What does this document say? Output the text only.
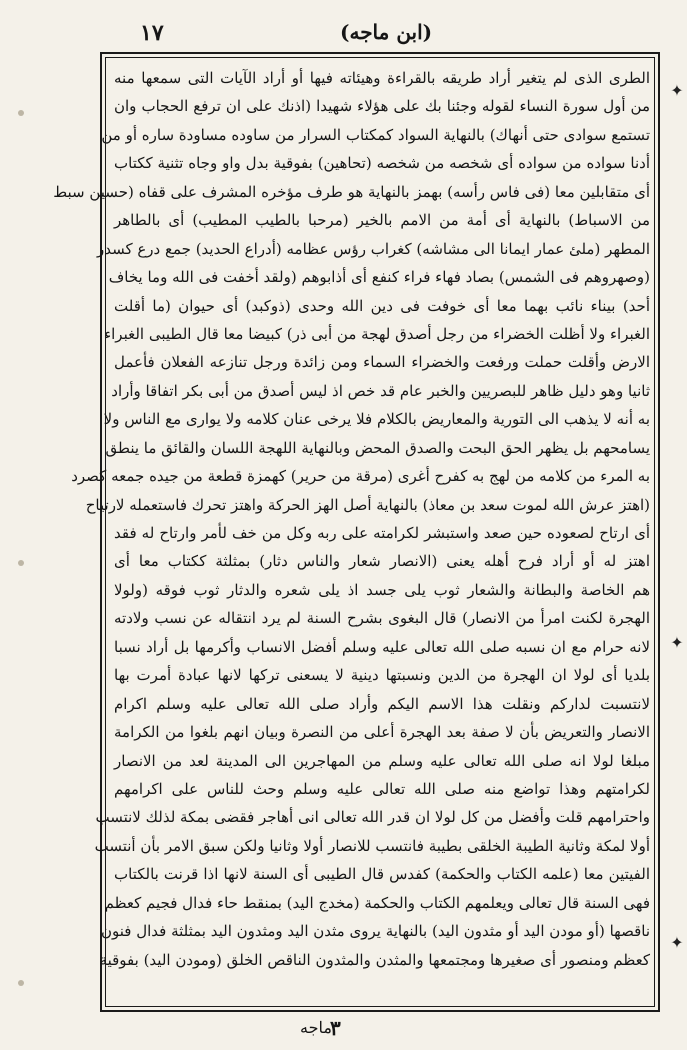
١٧	(ابن ماجه)
الطرى الذى لم يتغير أراد طريقه بالقراءة وهيئاته فيها أو أراد الآيات التى سمعها منه
من أول سورة النساء لقوله وجئنا بك على هؤلاء شهيدا (اذنك على ان ترفع الحجاب وان
تستمع سوادى حتى أنهاك) بالنهاية السواد كمكتاب السرار من ساوده مساودة ساره أو من
أدنا سواده من سواده أى شخصه من شخصه (تحاهين) بفوقية بدل واو وجاه تثنية ككتاب
أى متقابلين معا (فى فاس رأسه) بهمز بالنهاية هو طرف مؤخره المشرف على قفاه (حسين سبط
من الاسباط) بالنهاية أى أمة من الامم بالخير (مرحبا بالطيب المطيب) أى بالطاهر
المطهر (ملئ عمار ايمانا الى مشاشه) كغراب رؤس عظامه (أدراع الحديد) جمع درع كسدر
(وصهروهم فى الشمس) بصاد فهاء فراء كنفع أى أذابوهم (ولقد أخفت فى الله وما يخاف
أحد) بيناء نائب بهما معا أى خوفت فى دين الله وحدى (ذوكبد) أى حيوان (ما أقلت
الغبراء ولا أظلت الخضراء من رجل أصدق لهجة من أبى ذر) كبيضا معا قال الطيبى الغبراء
الارض وأقلت حملت ورفعت والخضراء السماء ومن زائدة ورجل تنازعه الفعلان فأعمل
ثانيا وهو دليل ظاهر للبصريين والخبر عام قد خص اذ ليس أصدق من أبى بكر اتفاقا وأراد
به أنه لا يذهب الى التورية والمعاريض بالكلام فلا يرخى عنان كلامه ولا يوارى مع الناس ولا
يسامحهم بل يظهر الحق البحت والصدق المحض وبالنهاية اللهجة اللسان والقائق ما ينطق
به المرء من كلامه من لهج به كفرح أغرى (مرقة من حرير) كهمزة قطعة من جيده جمعه كصرد
(اهتز عرش الله لموت سعد بن معاذ) بالنهاية أصل الهز الحركة واهتز تحرك فاستعمله لارتياح
أى ارتاح لصعوده حين صعد واستبشر لكرامته على ربه وكل من خف لأمر وارتاح له فقد
اهتز له أو أراد فرح أهله يعنى (الانصار شعار والناس دثار) بمثلثة ككتاب معا أى
هم الخاصة والبطانة والشعار ثوب يلى جسد اذ يلى شعره والدثار ثوب فوقه (ولولا
الهجرة لكنت امرأ من الانصار) قال البغوى بشرح السنة لم يرد انتقاله عن نسب ولادته
لانه حرام مع ان نسبه صلى الله تعالى عليه وسلم أفضل الانساب وأكرمها بل أراد نسبا
بلديا أى لولا ان الهجرة من الدين ونسبتها دينية لا يسعنى تركها لانها عبادة أمرت بها
لانتسبت لداركم ونقلت هذا الاسم اليكم وأراد صلى الله تعالى عليه وسلم اكرام
الانصار والتعريض بأن لا صفة بعد الهجرة أعلى من النصرة وبيان انهم بلغوا من الكرامة
مبلغا لولا انه صلى الله تعالى عليه وسلم من المهاجرين الى المدينة لعد من الانصار
لكرامتهم وهذا تواضع منه صلى الله تعالى عليه وسلم وحث للناس على اكرامهم
واحترامهم قلت وأفضل من كل لولا ان قدر الله تعالى انى أهاجر فقضى بمكة لذلك لانتسب
أولا لمكة وثانية الطيبة الخلقى بطيبة فانتسب للانصار أولا وثانيا ولكن سبق الامر بأن أنتسب
الفيتين معا (علمه الكتاب والحكمة) كفدس قال الطيبى أى السنة لانها اذا قرنت بالكتاب
فهى السنة قال تعالى ويعلمهم الكتاب والحكمة (مخدج اليد) بمنقط حاء فدال فجيم كعظم
ناقصها (أو مودن اليد أو مثدون اليد) بالنهاية يروى مثدن اليد ومثدون اليد بمثلثة فدال فنون
كعظم ومنصور أى صغيرها ومجتمعها والمثدن والمثدون الناقص الخلق (ومودن اليد) بفوقية
✦
✦
✦
ماجه
٣
